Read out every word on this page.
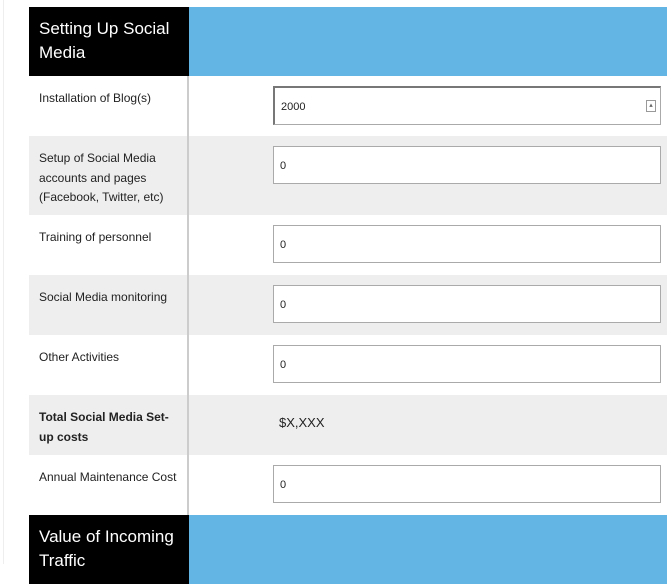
Setting Up Social Media
Installation of Blog(s)
2000	▴
Setup of Social Media accounts and pages (Facebook, Twitter, etc)
0
Training of personnel
0
Social Media monitoring
0
Other Activities
0
Total Social Media Set-up costs
$X,XXX
Annual Maintenance Cost
0
Value of Incoming Traffic
